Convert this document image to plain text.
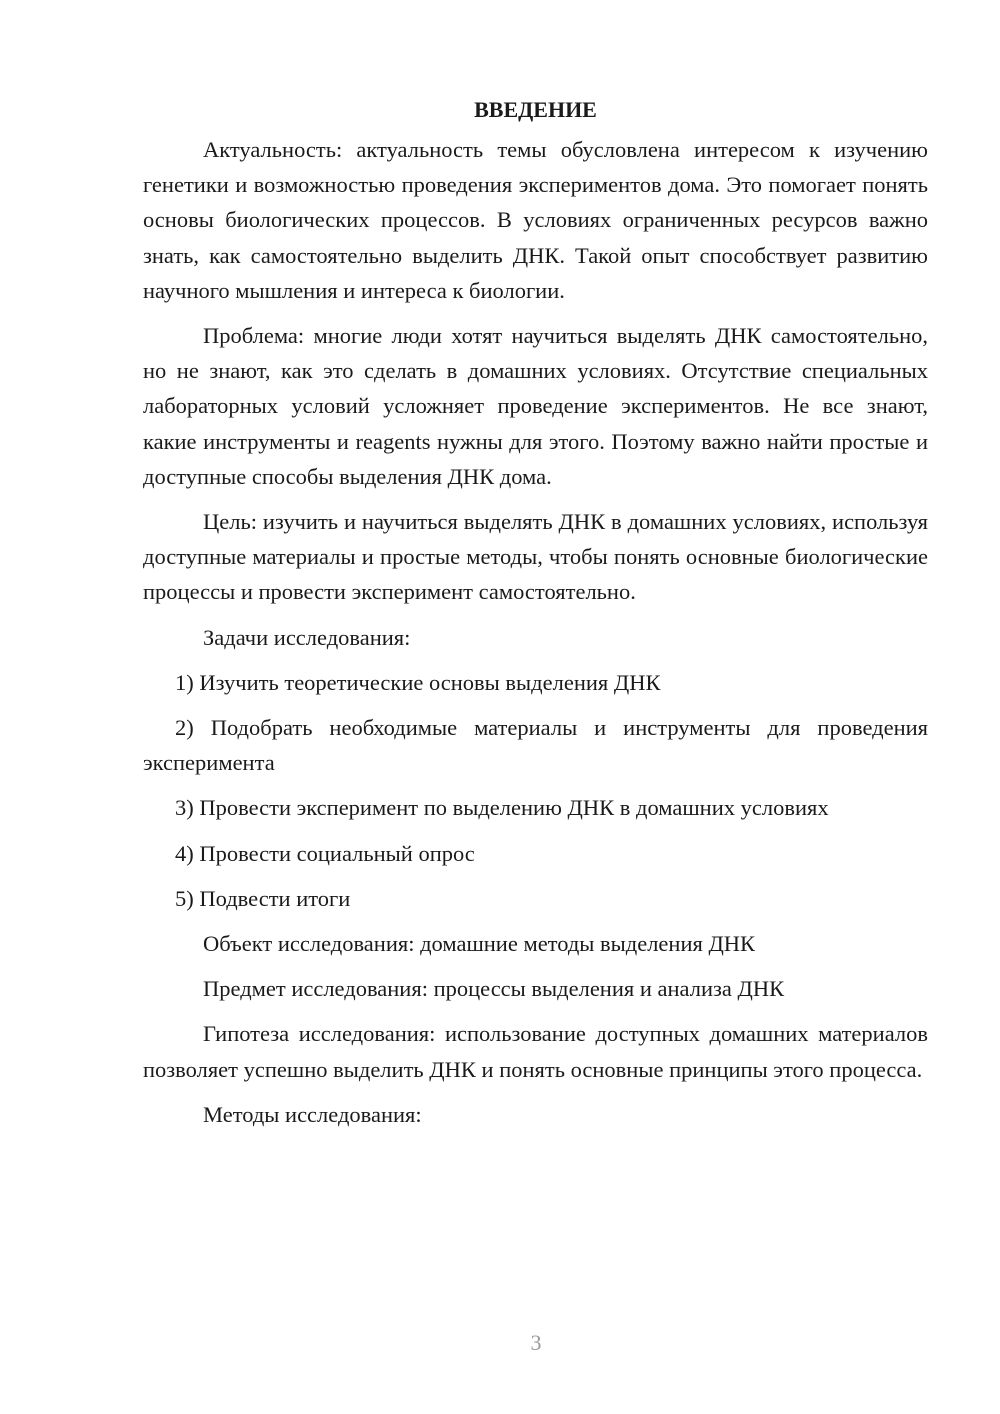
ВВЕДЕНИЕ

Актуальность: актуальность темы обусловлена интересом к изучению генетики и возможностью проведения экспериментов дома. Это помогает понять основы биологических процессов. В условиях ограниченных ресурсов важно знать, как самостоятельно выделить ДНК. Такой опыт способствует развитию научного мышления и интереса к биологии.

Проблема: многие люди хотят научиться выделять ДНК самостоятельно, но не знают, как это сделать в домашних условиях. Отсутствие специальных лабораторных условий усложняет проведение экспериментов. Не все знают, какие инструменты и reagents нужны для этого. Поэтому важно найти простые и доступные способы выделения ДНК дома.

Цель: изучить и научиться выделять ДНК в домашних условиях, используя доступные материалы и простые методы, чтобы понять основные биологические процессы и провести эксперимент самостоятельно.

Задачи исследования:

1) Изучить теоретические основы выделения ДНК

2) Подобрать необходимые материалы и инструменты для проведения эксперимента

3) Провести эксперимент по выделению ДНК в домашних условиях

4) Провести социальный опрос

5) Подвести итоги

Объект исследования: домашние методы выделения ДНК

Предмет исследования: процессы выделения и анализа ДНК

Гипотеза исследования: использование доступных домашних материалов позволяет успешно выделить ДНК и понять основные принципы этого процесса.

Методы исследования:

3
